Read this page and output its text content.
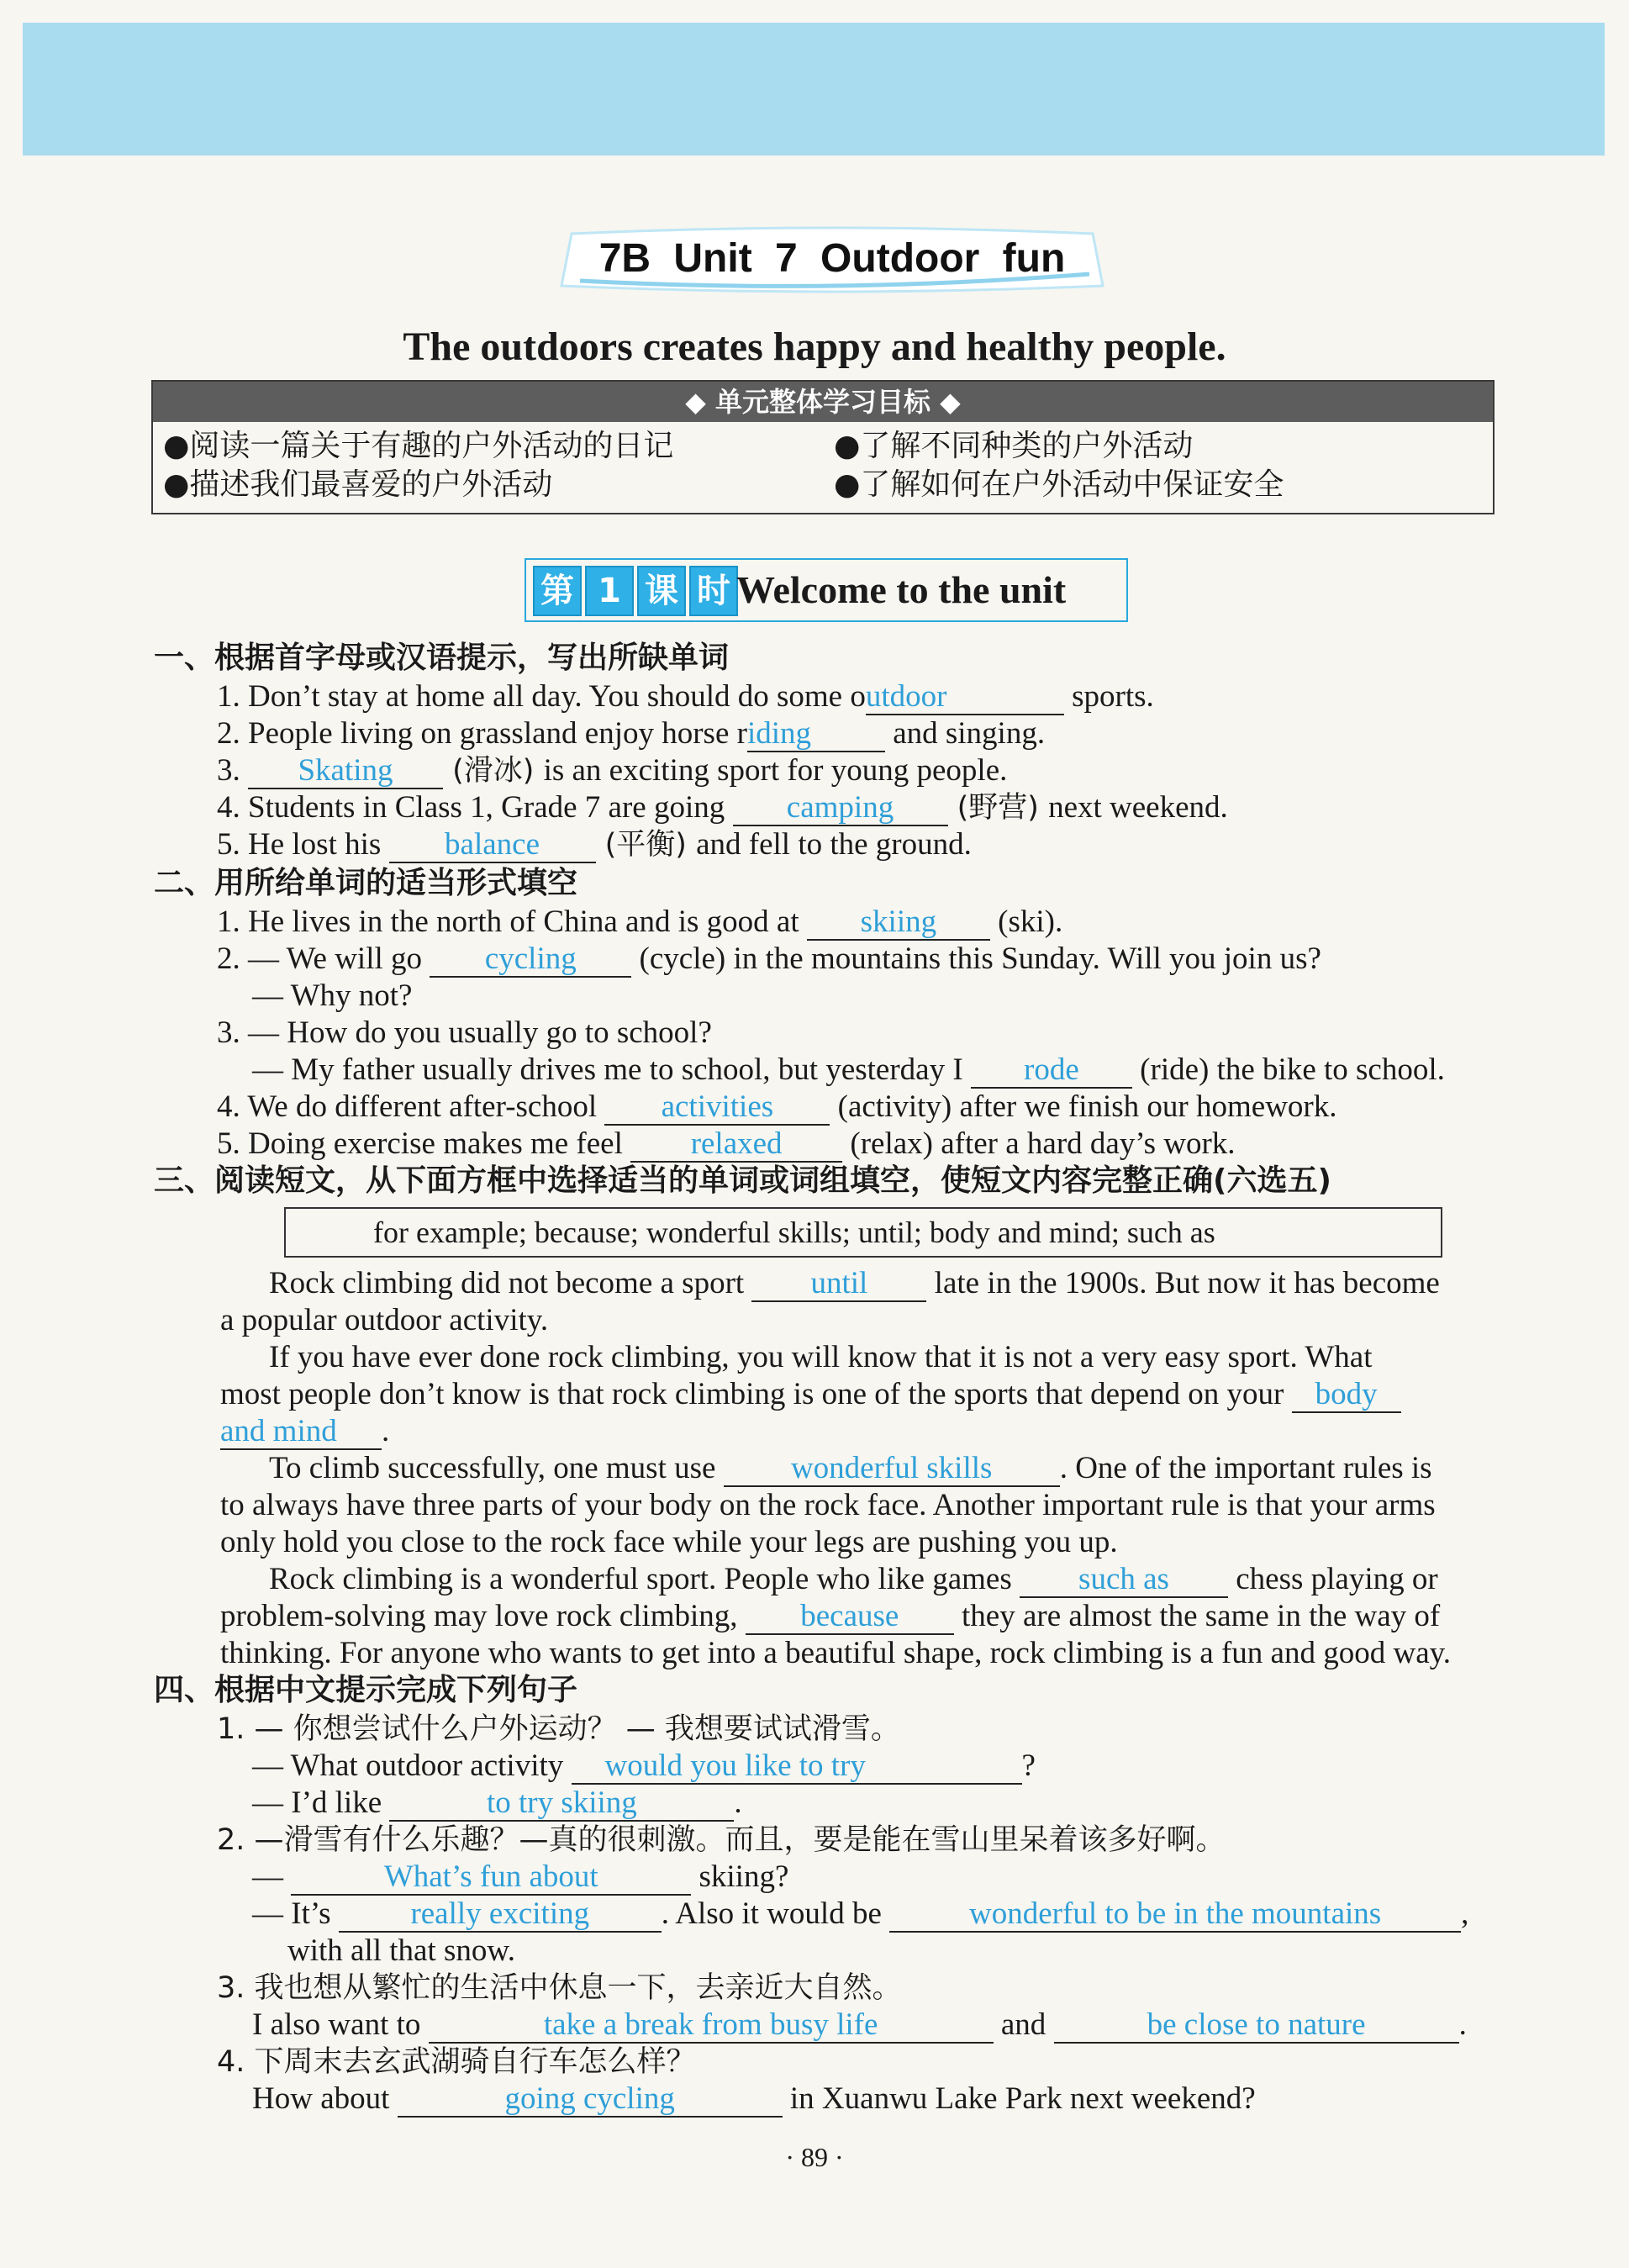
7B Unit 7 Outdoor fun
The outdoors creates happy and healthy people.
◆ 单元整体学习目标 ◆
●阅读一篇关于有趣的户外活动的日记	●了解不同种类的户外活动
●描述我们最喜爱的户外活动	●了解如何在户外活动中保证安全
第 1 课 时 Welcome to the unit
一、根据首字母或汉语提示，写出所缺单词
1. Don’t stay at home all day. You should do some outdoor	sports.
2. People living on grassland enjoy horse riding and singing.
3. Skating (滑冰) is an exciting sport for young people.
4. Students in Class 1, Grade 7 are going camping (野营) next weekend.
5. He lost his balance (平衡) and fell to the ground.
二、用所给单词的适当形式填空
1. He lives in the north of China and is good at skiing (ski).
2. — We will go cycling (cycle) in the mountains this Sunday. Will you join us?
— Why not?
3. — How do you usually go to school?
— My father usually drives me to school, but yesterday I rode (ride) the bike to school.
4. We do different after-school activities (activity) after we finish our homework.
5. Doing exercise makes me feel relaxed (relax) after a hard day’s work.
三、阅读短文，从下面方框中选择适当的单词或词组填空，使短文内容完整正确(六选五)
for example; because; wonderful skills; until; body and mind; such as
Rock climbing did not become a sport until late in the 1900s. But now it has become
a popular outdoor activity.
If you have ever done rock climbing, you will know that it is not a very easy sport. What
most people don’t know is that rock climbing is one of the sports that depend on your body
and mind .
To climb successfully, one must use wonderful skills . One of the important rules is
to always have three parts of your body on the rock face. Another important rule is that your arms
only hold you close to the rock face while your legs are pushing you up.
Rock climbing is a wonderful sport. People who like games such as chess playing or
problem-solving may love rock climbing, because they are almost the same in the way of
thinking. For anyone who wants to get into a beautiful shape, rock climbing is a fun and good way.
四、根据中文提示完成下列句子
1. — 你想尝试什么户外运动？ — 我想要试试滑雪。
— What outdoor activity would you like to try	?
— I’d like	to try skiing	.
2. —滑雪有什么乐趣？—真的很刺激。而且，要是能在雪山里呆着该多好啊。
—	What’s fun about	skiing?
— It’s really exciting . Also it would be	wonderful to be in the mountains	,
with all that snow.
3. 我也想从繁忙的生活中休息一下，去亲近大自然。
I also want to	take a break from busy life	and	be close to nature	.
4. 下周末去玄武湖骑自行车怎么样？
How about	going cycling	in Xuanwu Lake Park next weekend?
· 89 ·
